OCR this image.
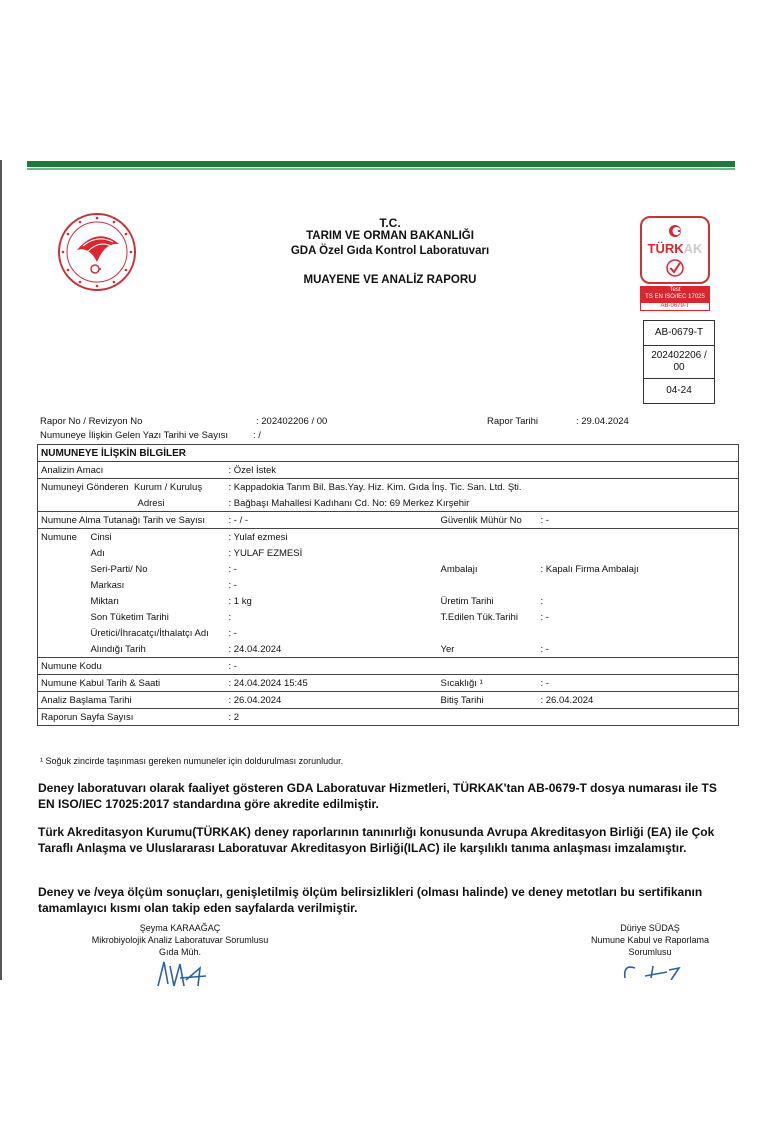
T.C.
TARIM VE ORMAN BAKANLIĞI
GDA Özel Gıda Kontrol Laboratuvarı
MUAYENE VE ANALİZ RAPORU
TÜRKAK
Test
TS EN ISO/IEC 17025
AB-0679-T
AB-0679-T
202402206 /
00
04-24
Rapor No / Revizyon No	: 202402206 / 00
Numuneye İlişkin Gelen Yazı Tarihi ve Sayısı	: /
Rapor Tarihi	: 29.04.2024
NUMUNEYE İLİŞKİN BİLGİLER				
Analizin Amacı		: Özel İstek		
Numuneyi Gönderen Kurum / Kuruluş		: Kappadokia Tarım Bil. Bas.Yay. Hiz. Kim. Gıda İnş. Tic. San. Ltd. Şti.		
	Adresi	: Bağbaşı Mahallesi Kadıhanı Cd. No: 69 Merkez Kırşehir		
Numune Alma Tutanağı Tarih ve Sayısı		: - / -	Güvenlik Mühür No	: -
Numune	Cinsi	: Yulaf ezmesi		
	Adı	: YULAF EZMESİ		
	Seri-Parti/ No	: -	Ambalajı	: Kapalı Firma Ambalajı
	Markası	: -		
	Miktarı	: 1 kg	Üretim Tarihi	:
	Son Tüketim Tarihi	:	T.Edilen Tük.Tarihi	: -
	Üretici/İhracatçı/İthalatçı Adı	: -		
	Alındığı Tarih	: 24.04.2024	Yer	: -
Numune Kodu		: -		
Numune Kabul Tarih & Saati		: 24.04.2024 15:45	Sıcaklığı ¹	: -
Analiz Başlama Tarihi		: 26.04.2024	Bitiş Tarihi	: 26.04.2024
Raporun Sayfa Sayısı		: 2		
¹ Soğuk zincirde taşınması gereken numuneler için doldurulması zorunludur.
Deney laboratuvarı olarak faaliyet gösteren GDA Laboratuvar Hizmetleri, TÜRKAK'tan AB-0679-T dosya numarası ile TS EN ISO/IEC 17025:2017 standardına göre akredite edilmiştir.
Türk Akreditasyon Kurumu(TÜRKAK) deney raporlarının tanınırlığı konusunda Avrupa Akreditasyon Birliği (EA) ile Çok Taraflı Anlaşma ve Uluslararası Laboratuvar Akreditasyon Birliği(ILAC) ile karşılıklı tanıma anlaşması imzalamıştır.
Deney ve /veya ölçüm sonuçları, genişletilmiş ölçüm belirsizlikleri (olması halinde) ve deney metotları bu sertifikanın tamamlayıcı kısmı olan takip eden sayfalarda verilmiştir.
Şeyma KARAAĞAÇ
Mikrobiyolojik Analiz Laboratuvar Sorumlusu
Gıda Müh.
Düriye SÜDAŞ
Numune Kabul ve Raporlama
Sorumlusu
